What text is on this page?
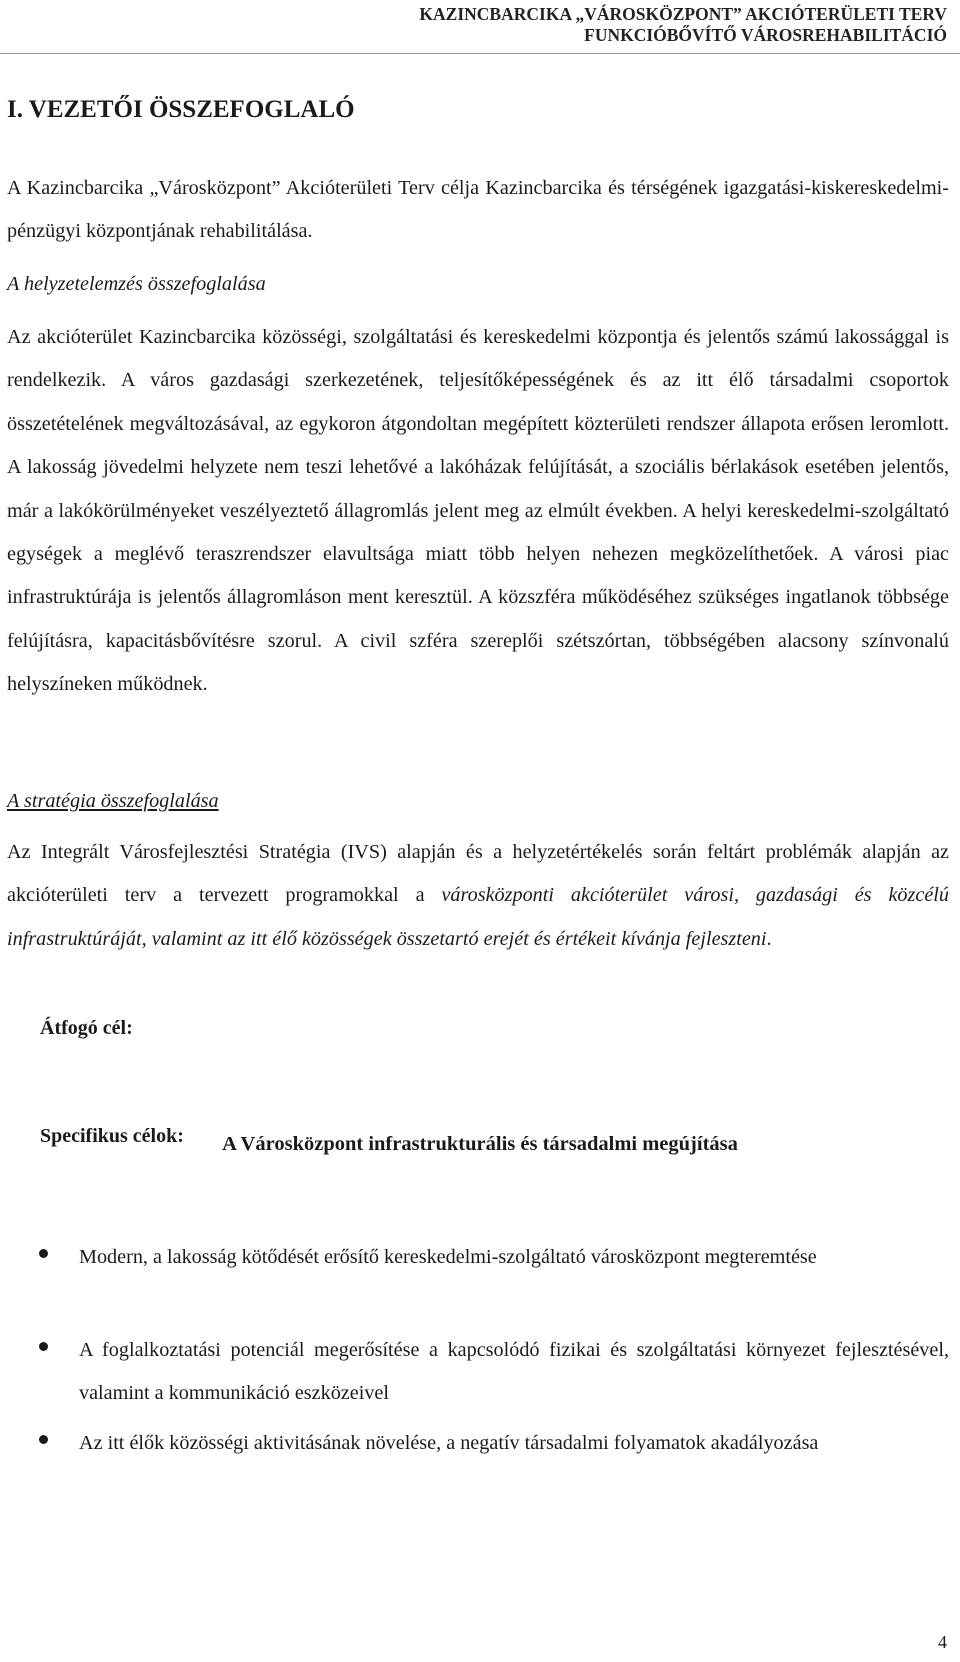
KAZINCBARCIKA „VÁROSKÖZPONT” AKCIÓTERÜLETI TERV
FUNKCIÓBŐVÍTŐ VÁROSREHABILITÁCIÓ
I. VEZETŐI ÖSSZEFOGLALÓ

A Kazincbarcika „Városközpont” Akcióterületi Terv célja Kazincbarcika és térségének igazgatási-kiskereskedelmi-pénzügyi központjának rehabilitálása.

A helyzetelemzés összefoglalása

Az akcióterület Kazincbarcika közösségi, szolgáltatási és kereskedelmi központja és jelentős számú lakossággal is rendelkezik. A város gazdasági szerkezetének, teljesítőképességének és az itt élő társadalmi csoportok összetételének megváltozásával, az egykoron átgondoltan megépített közterületi rendszer állapota erősen leromlott. A lakosság jövedelmi helyzete nem teszi lehetővé a lakóházak felújítását, a szociális bérlakások esetében jelentős, már a lakókörülményeket veszélyeztető állagromlás jelent meg az elmúlt években. A helyi kereskedelmi-szolgáltató egységek a meglévő teraszrendszer elavultsága miatt több helyen nehezen megközelíthetőek. A városi piac infrastruktúrája is jelentős állagromláson ment keresztül. A közszféra működéséhez szükséges ingatlanok többsége felújításra, kapacitásbővítésre szorul. A civil szféra szereplői szétszórtan, többségében alacsony színvonalú helyszíneken működnek.

A stratégia összefoglalása

Az Integrált Városfejlesztési Stratégia (IVS) alapján és a helyzetértékelés során feltárt problémák alapján az akcióterületi terv a tervezett programokkal a városközponti akcióterület városi, gazdasági és közcélú infrastruktúráját, valamint az itt élő közösségek összetartó erejét és értékeit kívánja fejleszteni.

Átfogó cél:

A Városközpont infrastrukturális és társadalmi megújítása

Specifikus célok:

Modern, a lakosság kötődését erősítő kereskedelmi-szolgáltató városközpont megteremtése
A foglalkoztatási potenciál megerősítése a kapcsolódó fizikai és szolgáltatási környezet fejlesztésével, valamint a kommunikáció eszközeivel
Az itt élők közösségi aktivitásának növelése, a negatív társadalmi folyamatok akadályozása
4
